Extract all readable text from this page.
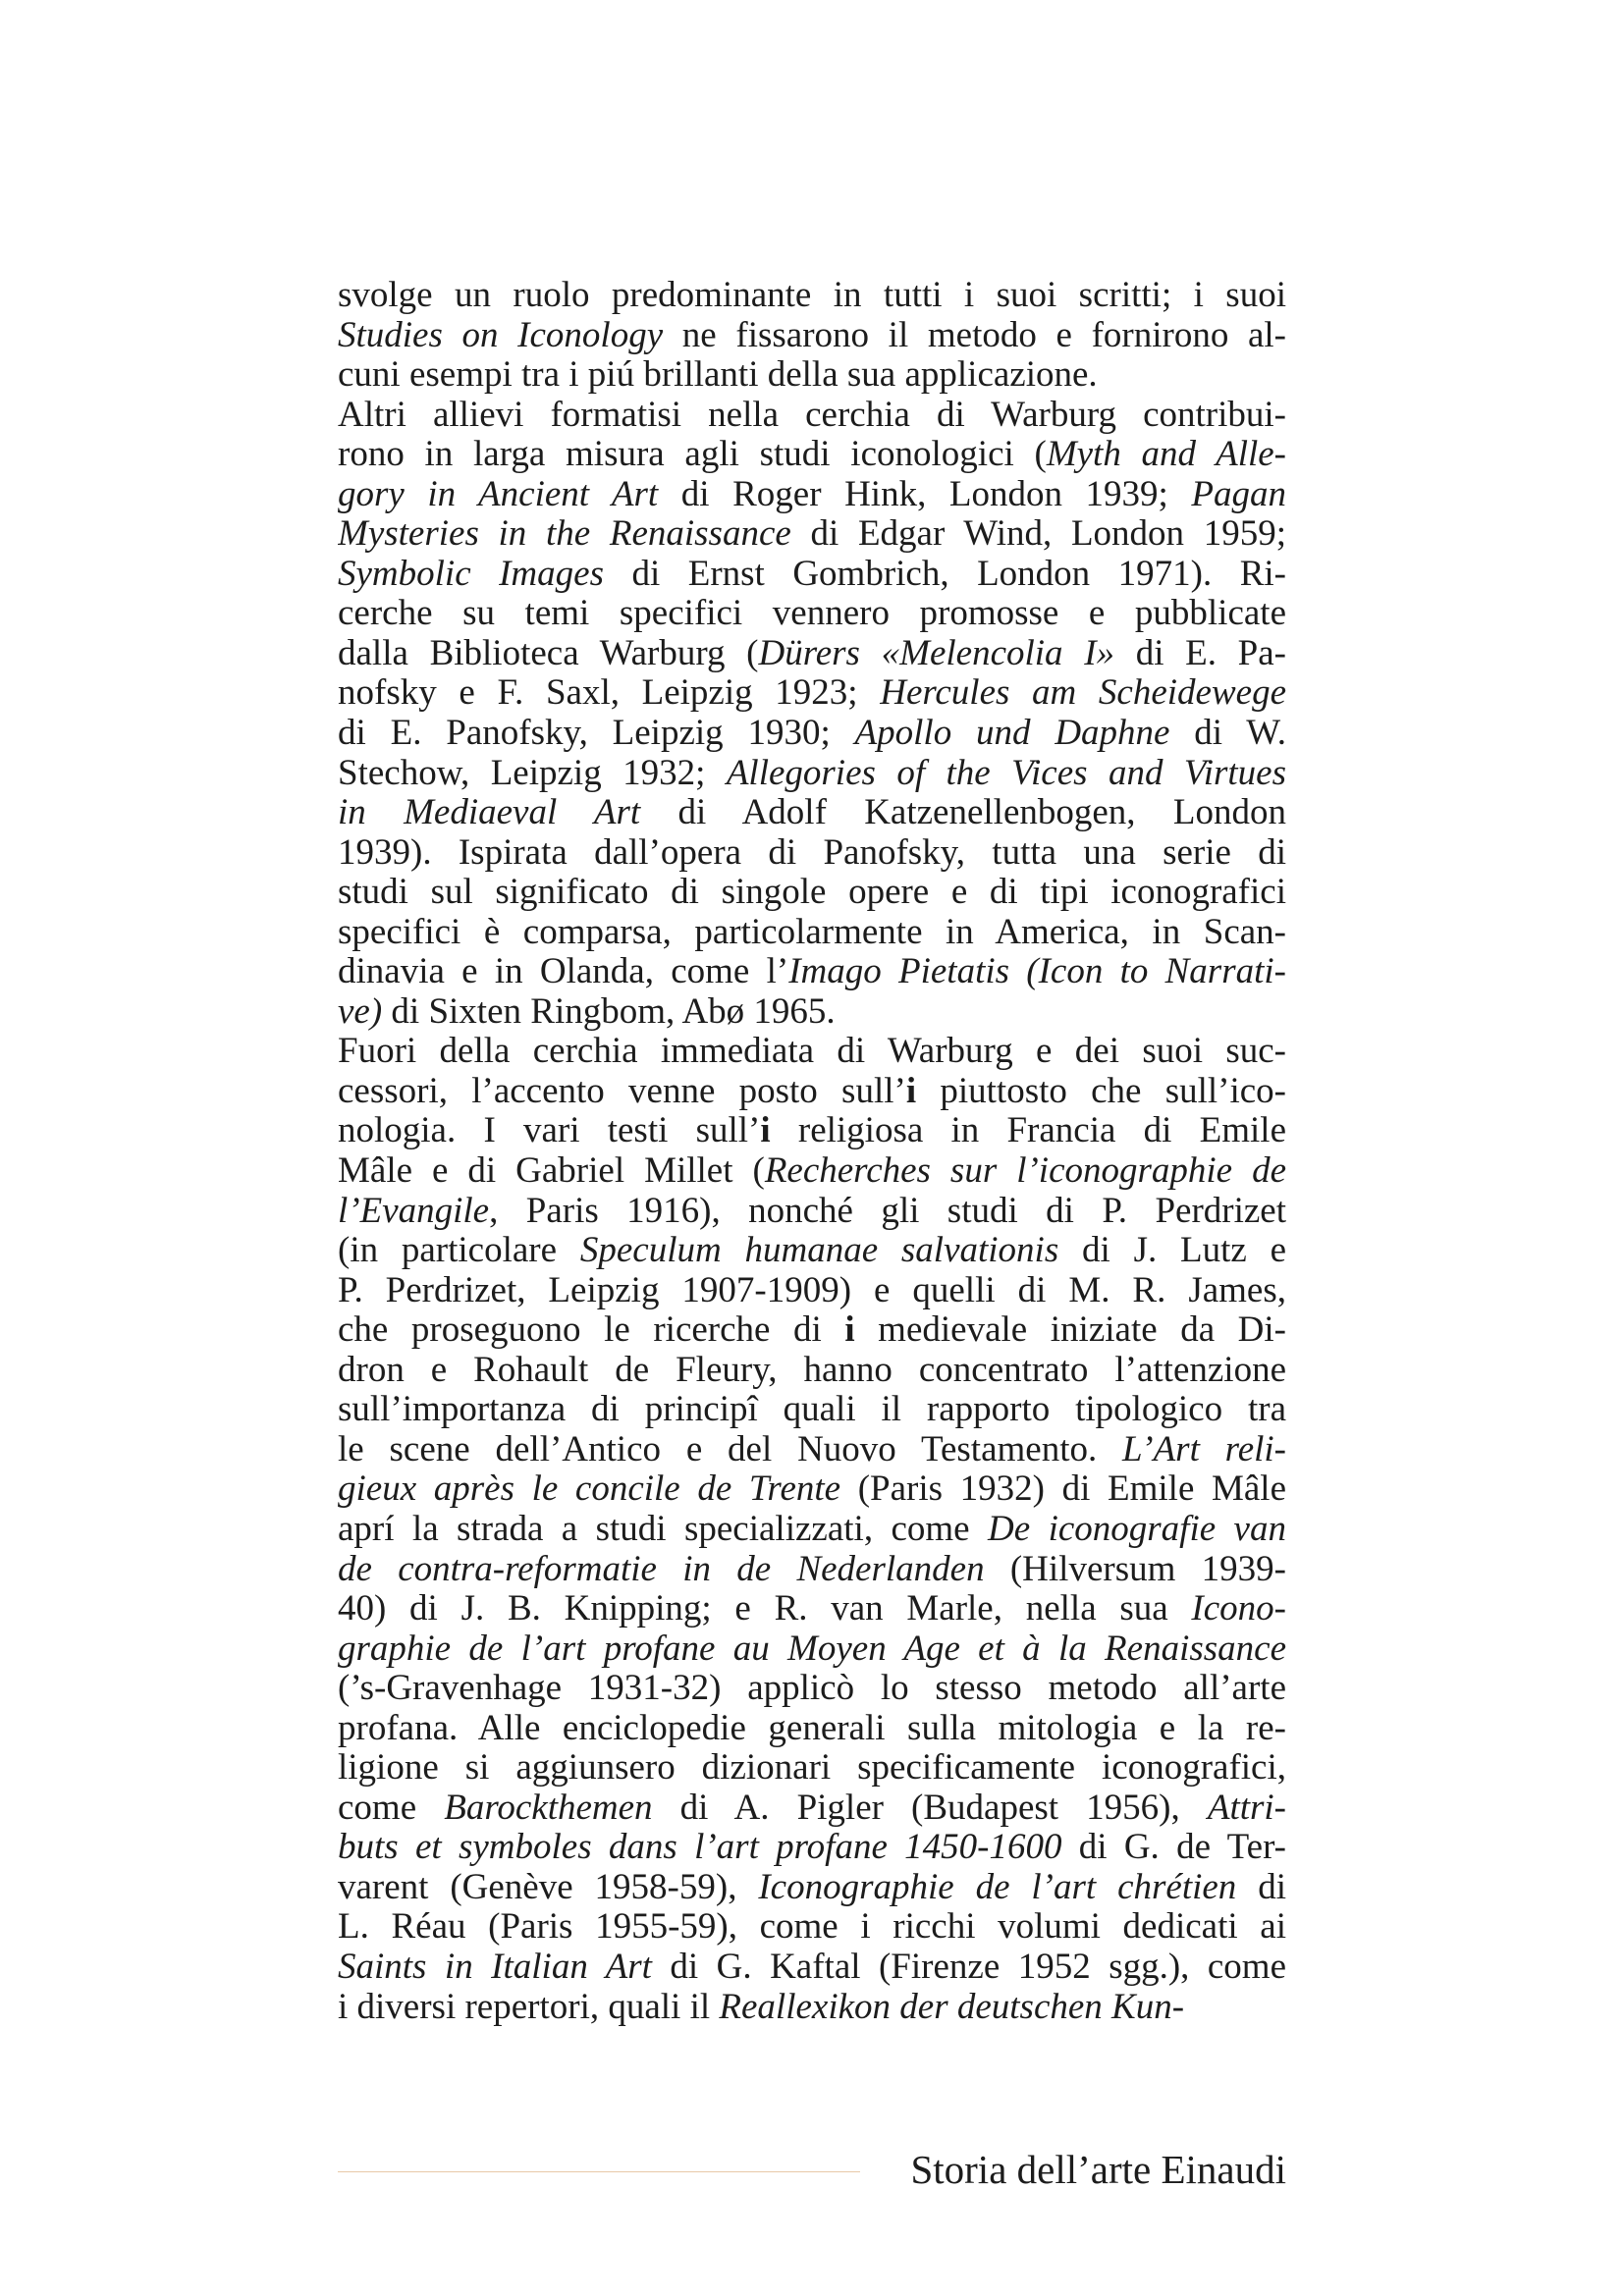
svolge un ruolo predominante in tutti i suoi scritti; i suoi
Studies on Iconology ne fissarono il metodo e fornirono al-
cuni esempi tra i piú brillanti della sua applicazione.
Altri allievi formatisi nella cerchia di Warburg contribui-
rono in larga misura agli studi iconologici (Myth and Alle-
gory in Ancient Art di Roger Hink, London 1939; Pagan
Mysteries in the Renaissance di Edgar Wind, London 1959;
Symbolic Images di Ernst Gombrich, London 1971). Ri-
cerche su temi specifici vennero promosse e pubblicate
dalla Biblioteca Warburg (Dürers «Melencolia I» di E. Pa-
nofsky e F. Saxl, Leipzig 1923; Hercules am Scheidewege
di E. Panofsky, Leipzig 1930; Apollo und Daphne di W.
Stechow, Leipzig 1932; Allegories of the Vices and Virtues
in Mediaeval Art di Adolf Katzenellenbogen, London
1939). Ispirata dall’opera di Panofsky, tutta una serie di
studi sul significato di singole opere e di tipi iconografici
specifici è comparsa, particolarmente in America, in Scan-
dinavia e in Olanda, come l’Imago Pietatis (Icon to Narrati-
ve) di Sixten Ringbom, Abø 1965.
Fuori della cerchia immediata di Warburg e dei suoi suc-
cessori, l’accento venne posto sull’i piuttosto che sull’ico-
nologia. I vari testi sull’i religiosa in Francia di Emile
Mâle e di Gabriel Millet (Recherches sur l’iconographie de
l’Evangile, Paris 1916), nonché gli studi di P. Perdrizet
(in particolare Speculum humanae salvationis di J. Lutz e
P. Perdrizet, Leipzig 1907-1909) e quelli di M. R. James,
che proseguono le ricerche di i medievale iniziate da Di-
dron e Rohault de Fleury, hanno concentrato l’attenzione
sull’importanza di principî quali il rapporto tipologico tra
le scene dell’Antico e del Nuovo Testamento. L’Art reli-
gieux après le concile de Trente (Paris 1932) di Emile Mâle
aprí la strada a studi specializzati, come De iconografie van
de contra-reformatie in de Nederlanden (Hilversum 1939-
40) di J. B. Knipping; e R. van Marle, nella sua Icono-
graphie de l’art profane au Moyen Age et à la Renaissance
(’s-Gravenhage 1931-32) applicò lo stesso metodo all’arte
profana. Alle enciclopedie generali sulla mitologia e la re-
ligione si aggiunsero dizionari specificamente iconografici,
come Barockthemen di A. Pigler (Budapest 1956), Attri-
buts et symboles dans l’art profane 1450-1600 di G. de Ter-
varent (Genève 1958-59), Iconographie de l’art chrétien di
L. Réau (Paris 1955-59), come i ricchi volumi dedicati ai
Saints in Italian Art di G. Kaftal (Firenze 1952 sgg.), come
i diversi repertori, quali il Reallexikon der deutschen Kun-
Storia dell’arte Einaudi
